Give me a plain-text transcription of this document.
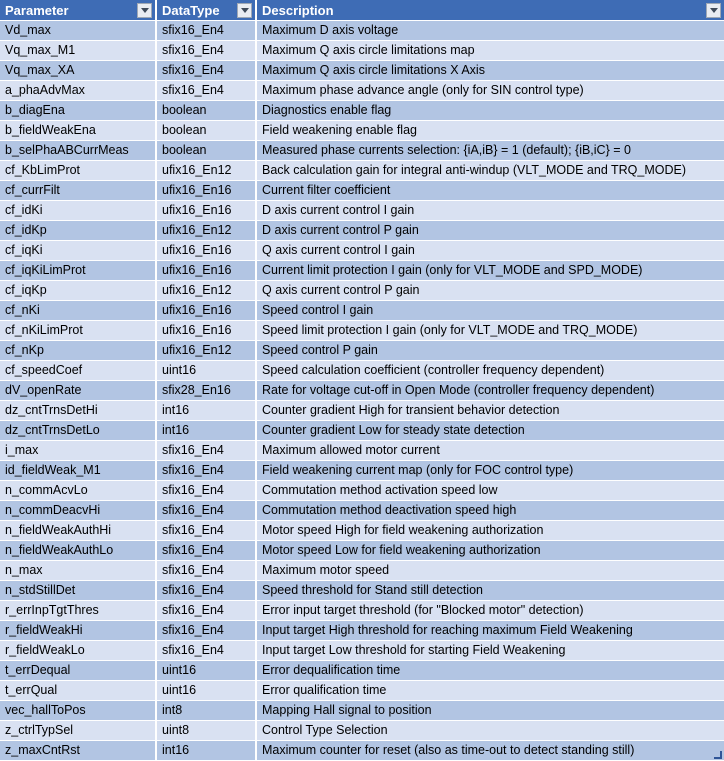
Parameter	DataType	Description

Vd_max	sfix16_En4	Maximum D axis voltage
Vq_max_M1	sfix16_En4	Maximum Q axis circle limitations map
Vq_max_XA	sfix16_En4	Maximum Q axis circle limitations X Axis
a_phaAdvMax	sfix16_En4	Maximum phase advance angle (only for SIN control type)
b_diagEna	boolean	Diagnostics enable flag
b_fieldWeakEna	boolean	Field weakening enable flag
b_selPhaABCurrMeas	boolean	Measured phase currents selection: {iA,iB} = 1 (default); {iB,iC} = 0
cf_KbLimProt	ufix16_En12	Back calculation gain for integral anti-windup (VLT_MODE and TRQ_MODE)
cf_currFilt	ufix16_En16	Current filter coefficient
cf_idKi	ufix16_En16	D axis current control I gain
cf_idKp	ufix16_En12	D axis current control P gain
cf_iqKi	ufix16_En16	Q axis current control I gain
cf_iqKiLimProt	ufix16_En16	Current limit protection I gain (only for VLT_MODE and SPD_MODE)
cf_iqKp	ufix16_En12	Q axis current control P gain
cf_nKi	ufix16_En16	Speed control I gain
cf_nKiLimProt	ufix16_En16	Speed limit protection I gain (only for VLT_MODE and TRQ_MODE)
cf_nKp	ufix16_En12	Speed control P gain
cf_speedCoef	uint16	Speed calculation coefficient (controller frequency dependent)
dV_openRate	sfix28_En16	Rate for voltage cut-off in Open Mode (controller frequency dependent)
dz_cntTrnsDetHi	int16	Counter gradient High for transient behavior detection
dz_cntTrnsDetLo	int16	Counter gradient Low for steady state detection
i_max	sfix16_En4	Maximum allowed motor current
id_fieldWeak_M1	sfix16_En4	Field weakening current map (only for FOC control type)
n_commAcvLo	sfix16_En4	Commutation method activation speed low
n_commDeacvHi	sfix16_En4	Commutation method deactivation speed high
n_fieldWeakAuthHi	sfix16_En4	Motor speed High for field weakening authorization
n_fieldWeakAuthLo	sfix16_En4	Motor speed Low for field weakening authorization
n_max	sfix16_En4	Maximum motor speed
n_stdStillDet	sfix16_En4	Speed threshold for Stand still detection
r_errInpTgtThres	sfix16_En4	Error input target threshold (for "Blocked motor" detection)
r_fieldWeakHi	sfix16_En4	Input target High threshold for reaching maximum Field Weakening
r_fieldWeakLo	sfix16_En4	Input target Low threshold for starting Field Weakening
t_errDequal	uint16	Error dequalification time
t_errQual	uint16	Error qualification time
vec_hallToPos	int8	Mapping Hall signal to position
z_ctrlTypSel	uint8	Control Type Selection
z_maxCntRst	int16	Maximum counter for reset (also as time-out to detect standing still)
